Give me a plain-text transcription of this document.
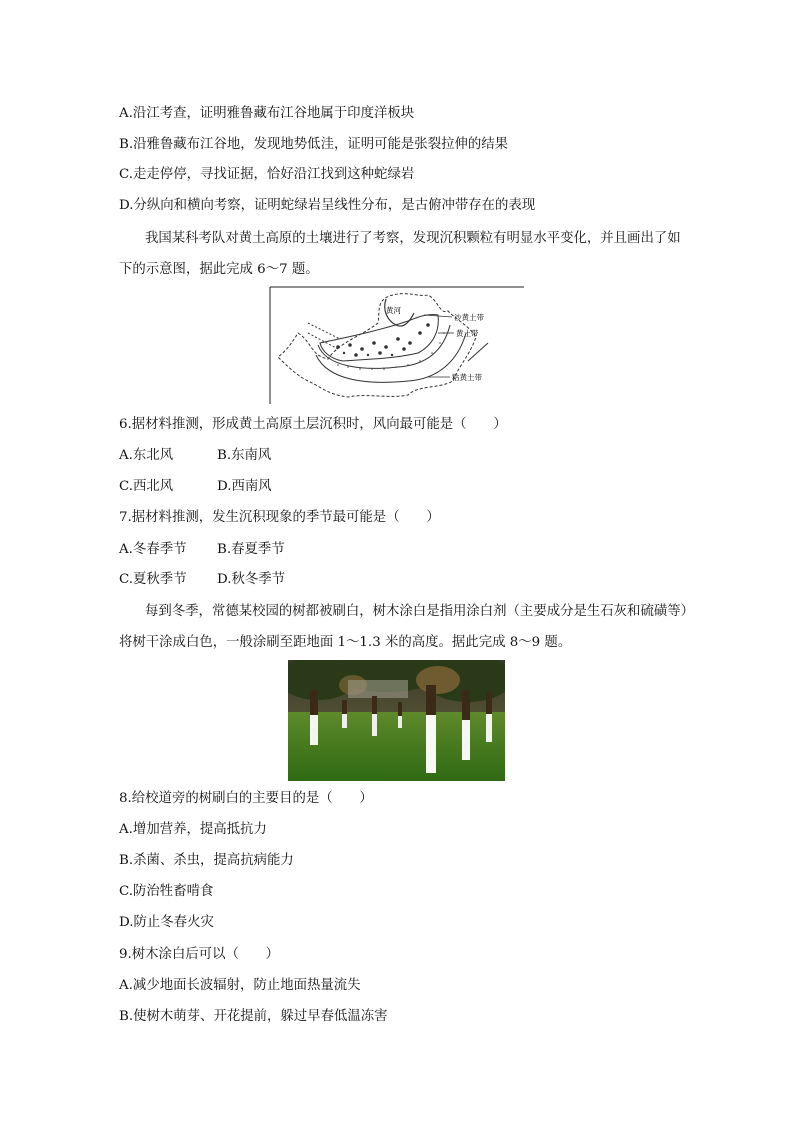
A.沿江考查，证明雅鲁藏布江谷地属于印度洋板块
B.沿雅鲁藏布江谷地，发现地势低洼，证明可能是张裂拉伸的结果
C.走走停停，寻找证据，恰好沿江找到这种蛇绿岩
D.分纵向和横向考察，证明蛇绿岩呈线性分布，是古俯冲带存在的表现
我国某科考队对黄土高原的土壤进行了考察，发现沉积颗粒有明显水平变化，并且画出了如下的示意图，据此完成 6～7 题。
黄河
沙黄土带
黄土带
粘黄土带
6.据材料推测，形成黄土高原土层沉积时，风向最可能是（　　）
A.东北风	B.东南风
C.西北风	D.西南风
7.据材料推测，发生沉积现象的季节最可能是（　　）
A.冬春季节 B.春夏季节
C.夏秋季节 D.秋冬季节
每到冬季，常德某校园的树都被刷白，树木涂白是指用涂白剂（主要成分是生石灰和硫磺等）将树干涂成白色，一般涂刷至距地面 1～1.3 米的高度。据此完成 8～9 题。
8.给校道旁的树刷白的主要目的是（　　）
A.增加营养，提高抵抗力
B.杀菌、杀虫，提高抗病能力
C.防治牲畜啃食
D.防止冬春火灾
9.树木涂白后可以（　　）
A.减少地面长波辐射，防止地面热量流失
B.使树木萌芽、开花提前，躲过早春低温冻害
